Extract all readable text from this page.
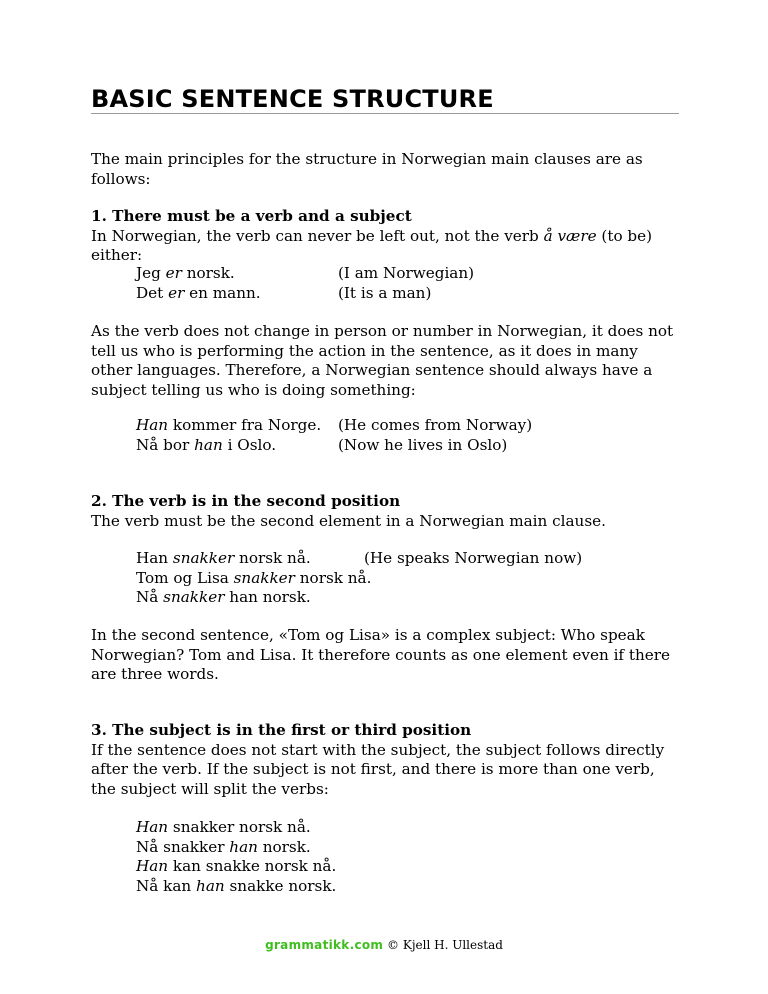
BASIC SENTENCE STRUCTURE

The main principles for the structure in Norwegian main clauses are as follows:

1. There must be a verb and a subject

In Norwegian, the verb can never be left out, not the verb å være (to be) either:

Jeg er norsk.
Det er en mann.
(I am Norwegian)
(It is a man)

As the verb does not change in person or number in Norwegian, it does not tell us who is performing the action in the sentence, as it does in many other languages. Therefore, a Norwegian sentence should always have a subject telling us who is doing something:

Han kommer fra Norge.
Nå bor han i Oslo.
(He comes from Norway)
(Now he lives in Oslo)

2. The verb is in the second position

The verb must be the second element in a Norwegian main clause.

Han snakker norsk nå.
Tom og Lisa snakker norsk nå.
Nå snakker han norsk.
(He speaks Norwegian now)

In the second sentence, «Tom og Lisa» is a complex subject: Who speak Norwegian? Tom and Lisa. It therefore counts as one element even if there are three words.

3. The subject is in the first or third position

If the sentence does not start with the subject, the subject follows directly after the verb. If the subject is not first, and there is more than one verb, the subject will split the verbs:

Han snakker norsk nå.
Nå snakker han norsk.
Han kan snakke norsk nå.
Nå kan han snakke norsk.
grammatikk.com © Kjell H. Ullestad
